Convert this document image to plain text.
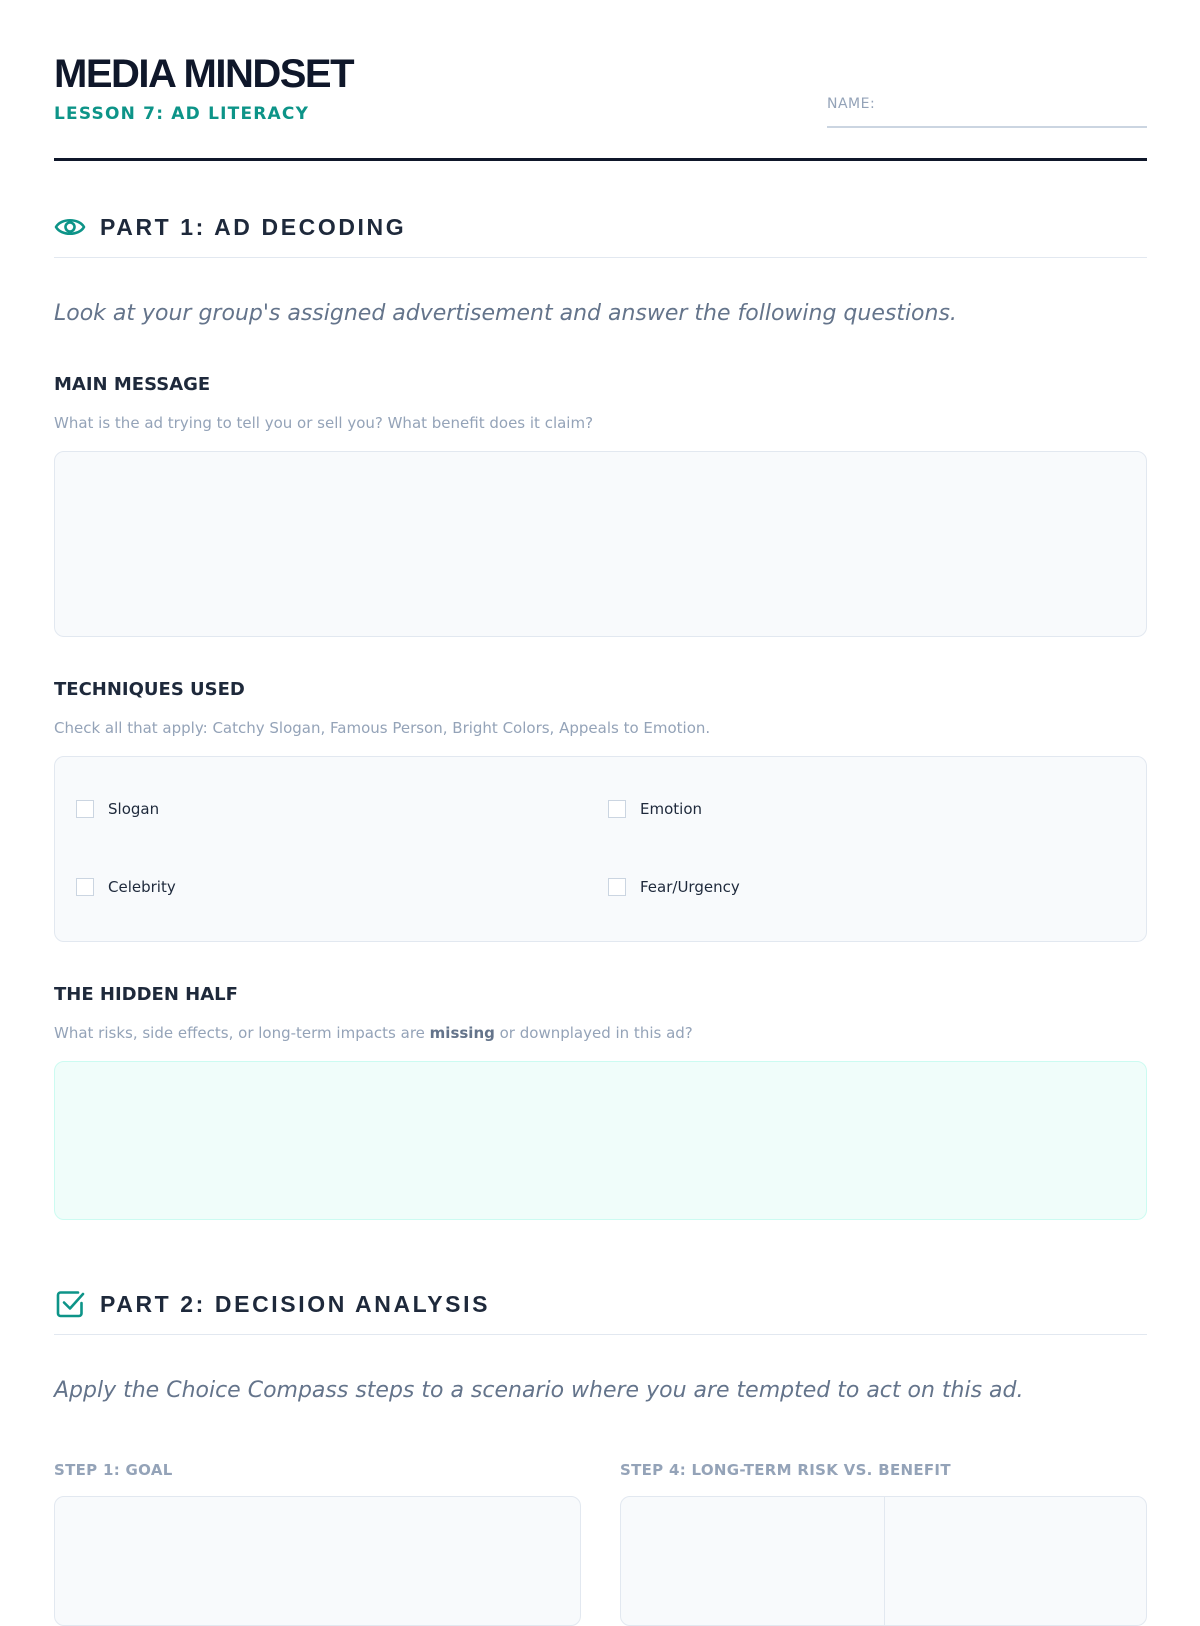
MEDIA MINDSET
LESSON 7: AD LITERACY	NAME:
PART 1: AD DECODING
Look at your group's assigned advertisement and answer the following questions.
MAIN MESSAGE
What is the ad trying to tell you or sell you? What benefit does it claim?
TECHNIQUES USED
Check all that apply: Catchy Slogan, Famous Person, Bright Colors, Appeals to Emotion.
Slogan	Emotion
Celebrity	Fear/Urgency
THE HIDDEN HALF
What risks, side effects, or long-term impacts are missing or downplayed in this ad?
PART 2: DECISION ANALYSIS
Apply the Choice Compass steps to a scenario where you are tempted to act on this ad.
STEP 1: GOAL	STEP 4: LONG-TERM RISK VS. BENEFIT
